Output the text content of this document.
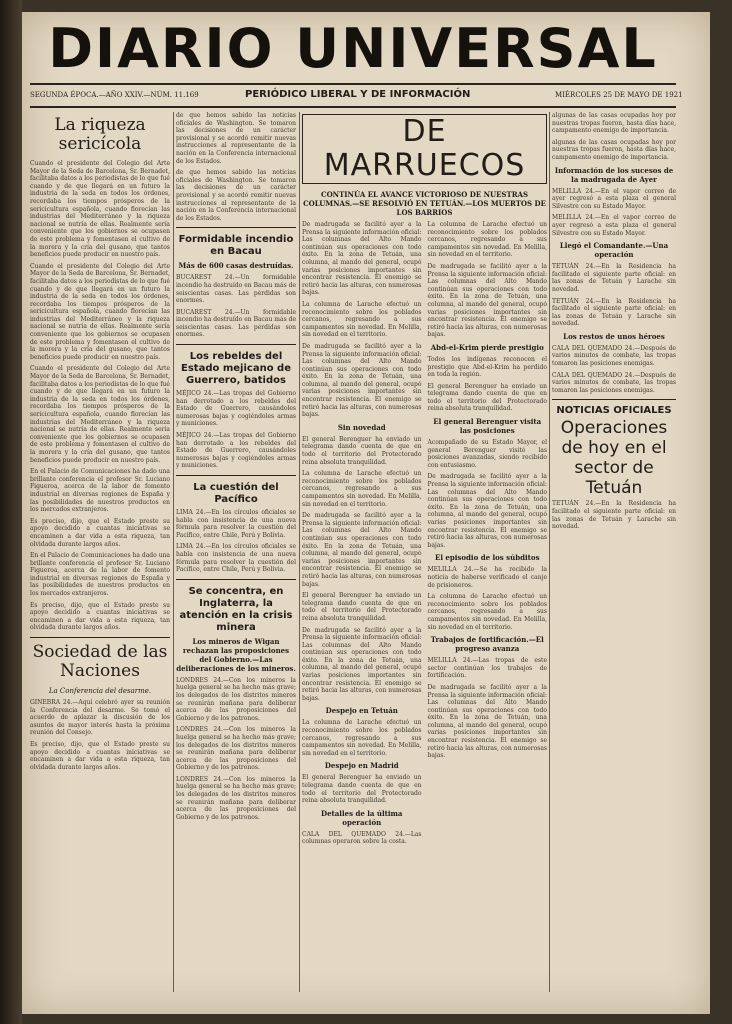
DIARIO UNIVERSAL
SEGUNDA ÉPOCA.—AÑO XXIV.—NÚM. 11.169	PERIÓDICO LIBERAL Y DE INFORMACIÓN	MIÉRCOLES 25 DE MAYO DE 1921
La riqueza sericícola

Cuando el presidente del Colegio del Arte Mayor de la Seda de Barcelona, Sr. Bernadet, facilitaba datos a los periodistas de lo que fué cuando y de que llegará en un futuro la industria de la seda en todos los órdenes, recordaba los tiempos prósperos de la sericicultura española, cuando florecían las industrias del Mediterráneo y la riqueza nacional se nutría de ellas. Realmente sería conveniente que los gobiernos se ocupasen de este problema y fomentasen el cultivo de la morera y la cría del gusano, que tantos beneficios puede producir en nuestro país.

Cuando el presidente del Colegio del Arte Mayor de la Seda de Barcelona, Sr. Bernadet, facilitaba datos a los periodistas de lo que fué cuando y de que llegará en un futuro la industria de la seda en todos los órdenes, recordaba los tiempos prósperos de la sericicultura española, cuando florecían las industrias del Mediterráneo y la riqueza nacional se nutría de ellas. Realmente sería conveniente que los gobiernos se ocupasen de este problema y fomentasen el cultivo de la morera y la cría del gusano, que tantos beneficios puede producir en nuestro país.

Cuando el presidente del Colegio del Arte Mayor de la Seda de Barcelona, Sr. Bernadet, facilitaba datos a los periodistas de lo que fué cuando y de que llegará en un futuro la industria de la seda en todos los órdenes, recordaba los tiempos prósperos de la sericicultura española, cuando florecían las industrias del Mediterráneo y la riqueza nacional se nutría de ellas. Realmente sería conveniente que los gobiernos se ocupasen de este problema y fomentasen el cultivo de la morera y la cría del gusano, que tantos beneficios puede producir en nuestro país.

En el Palacio de Comunicaciones ha dado una brillante conferencia el profesor Sr. Luciano Figueroa, acerca de la labor de fomento industrial en diversas regiones de España y las posibilidades de nuestros productos en los mercados extranjeros.

Es preciso, dijo, que el Estado preste su apoyo decidido a cuantas iniciativas se encaminen a dar vida a esta riqueza, tan olvidada durante largos años.

En el Palacio de Comunicaciones ha dado una brillante conferencia el profesor Sr. Luciano Figueroa, acerca de la labor de fomento industrial en diversas regiones de España y las posibilidades de nuestros productos en los mercados extranjeros.

Es preciso, dijo, que el Estado preste su apoyo decidido a cuantas iniciativas se encaminen a dar vida a esta riqueza, tan olvidada durante largos años.

Sociedad de las Naciones
La Conferencia del desarme.

GINEBRA 24.—Aquí celebró ayer su reunión la Conferencia del desarme. Se tomó el acuerdo de aplazar la discusión de los asuntos de mayor interés hasta la próxima reunión del Consejo.

Es preciso, dijo, que el Estado preste su apoyo decidido a cuantas iniciativas se encaminen a dar vida a esta riqueza, tan olvidada durante largos años.

de que hemos sabido las noticias oficiales de Washington. Se tomaron las decisiones de un carácter provisional y se acordó remitir nuevas instrucciones al representante de la nación en la Conferencia internacional de los Estados.

de que hemos sabido las noticias oficiales de Washington. Se tomaron las decisiones de un carácter provisional y se acordó remitir nuevas instrucciones al representante de la nación en la Conferencia internacional de los Estados.

Formidable incendio en Bacau
Más de 600 casas destruídas.

BUCAREST 24.—Un formidable incendio ha destruído en Bacau más de seiscientas casas. Las pérdidas son enormes.

BUCAREST 24.—Un formidable incendio ha destruído en Bacau más de seiscientas casas. Las pérdidas son enormes.

Los rebeldes del Estado mejicano de Guerrero, batidos

MÉJICO 24.—Las tropas del Gobierno han derrotado a los rebeldes del Estado de Guerrero, causándoles numerosas bajas y cogiéndoles armas y municiones.

MÉJICO 24.—Las tropas del Gobierno han derrotado a los rebeldes del Estado de Guerrero, causándoles numerosas bajas y cogiéndoles armas y municiones.

La cuestión del Pacífico

LIMA 24.—En los círculos oficiales se habla con insistencia de una nueva fórmula para resolver la cuestión del Pacífico, entre Chile, Perú y Bolivia.

LIMA 24.—En los círculos oficiales se habla con insistencia de una nueva fórmula para resolver la cuestión del Pacífico, entre Chile, Perú y Bolivia.

Se concentra, en Inglaterra, la atención en la crisis minera
Los mineros de Wigan rechazan las proposiciones del Gobierno.—Las deliberaciones de los mineros.

LONDRES 24.—Con los mineros la huelga general se ha hecho más grave; los delegados de los distritos mineros se reunirán mañana para deliberar acerca de las proposiciones del Gobierno y de los patronos.

LONDRES 24.—Con los mineros la huelga general se ha hecho más grave; los delegados de los distritos mineros se reunirán mañana para deliberar acerca de las proposiciones del Gobierno y de los patronos.

LONDRES 24.—Con los mineros la huelga general se ha hecho más grave; los delegados de los distritos mineros se reunirán mañana para deliberar acerca de las proposiciones del Gobierno y de los patronos.

DE MARRUECOS
CONTINÚA EL AVANCE VICTORIOSO DE NUESTRAS COLUMNAS.—SE RESOLVIÓ EN TETUÁN.—LOS MUERTOS DE LOS BARRIOS

De madrugada se facilitó ayer a la Prensa la siguiente información oficial: Las columnas del Alto Mando continúan sus operaciones con todo éxito. En la zona de Tetuán, una columna, al mando del general, ocupó varias posiciones importantes sin encontrar resistencia. El enemigo se retiró hacia las alturas, con numerosas bajas.

La columna de Larache efectuó un reconocimiento sobre los poblados cercanos, regresando a sus campamentos sin novedad. En Melilla, sin novedad en el territorio.

De madrugada se facilitó ayer a la Prensa la siguiente información oficial: Las columnas del Alto Mando continúan sus operaciones con todo éxito. En la zona de Tetuán, una columna, al mando del general, ocupó varias posiciones importantes sin encontrar resistencia. El enemigo se retiró hacia las alturas, con numerosas bajas.

Sin novedad

El general Berenguer ha enviado un telegrama dando cuenta de que en todo el territorio del Protectorado reina absoluta tranquilidad.

La columna de Larache efectuó un reconocimiento sobre los poblados cercanos, regresando a sus campamentos sin novedad. En Melilla, sin novedad en el territorio.

De madrugada se facilitó ayer a la Prensa la siguiente información oficial: Las columnas del Alto Mando continúan sus operaciones con todo éxito. En la zona de Tetuán, una columna, al mando del general, ocupó varias posiciones importantes sin encontrar resistencia. El enemigo se retiró hacia las alturas, con numerosas bajas.

El general Berenguer ha enviado un telegrama dando cuenta de que en todo el territorio del Protectorado reina absoluta tranquilidad.

De madrugada se facilitó ayer a la Prensa la siguiente información oficial: Las columnas del Alto Mando continúan sus operaciones con todo éxito. En la zona de Tetuán, una columna, al mando del general, ocupó varias posiciones importantes sin encontrar resistencia. El enemigo se retiró hacia las alturas, con numerosas bajas.

Despejo en Tetuán

La columna de Larache efectuó un reconocimiento sobre los poblados cercanos, regresando a sus campamentos sin novedad. En Melilla, sin novedad en el territorio.

Despejo en Madrid

El general Berenguer ha enviado un telegrama dando cuenta de que en todo el territorio del Protectorado reina absoluta tranquilidad.

Detalles de la última operación

CALA DEL QUEMADO 24.—Las columnas operaron sobre la costa.

La columna de Larache efectuó un reconocimiento sobre los poblados cercanos, regresando a sus campamentos sin novedad. En Melilla, sin novedad en el territorio.

De madrugada se facilitó ayer a la Prensa la siguiente información oficial: Las columnas del Alto Mando continúan sus operaciones con todo éxito. En la zona de Tetuán, una columna, al mando del general, ocupó varias posiciones importantes sin encontrar resistencia. El enemigo se retiró hacia las alturas, con numerosas bajas.

Abd-el-Krim pierde prestigio

Todos los indígenas reconocen el prestigio que Abd-el-Krim ha perdido en toda la región.

El general Berenguer ha enviado un telegrama dando cuenta de que en todo el territorio del Protectorado reina absoluta tranquilidad.

El general Berenguer visita las posiciones

Acompañado de su Estado Mayor, el general Berenguer visitó las posiciones avanzadas, siendo recibido con entusiasmo.

De madrugada se facilitó ayer a la Prensa la siguiente información oficial: Las columnas del Alto Mando continúan sus operaciones con todo éxito. En la zona de Tetuán, una columna, al mando del general, ocupó varias posiciones importantes sin encontrar resistencia. El enemigo se retiró hacia las alturas, con numerosas bajas.

El episodio de los súbditos

MELILLA 24.—Se ha recibido la noticia de haberse verificado el canje de prisioneros.

La columna de Larache efectuó un reconocimiento sobre los poblados cercanos, regresando a sus campamentos sin novedad. En Melilla, sin novedad en el territorio.

Trabajos de fortificación.—El progreso avanza

MELILLA 24.—Las tropas de este sector continúan los trabajos de fortificación.

De madrugada se facilitó ayer a la Prensa la siguiente información oficial: Las columnas del Alto Mando continúan sus operaciones con todo éxito. En la zona de Tetuán, una columna, al mando del general, ocupó varias posiciones importantes sin encontrar resistencia. El enemigo se retiró hacia las alturas, con numerosas bajas.

algunas de las casas ocupadas hoy por nuestras tropas fueron, hasta días hace, campamento enemigo de importancia.

algunas de las casas ocupadas hoy por nuestras tropas fueron, hasta días hace, campamento enemigo de importancia.

Información de los sucesos de la madrugada de Ayer

MELILLA 24.—En el vapor correo de ayer regresó a esta plaza el general Silvestre con su Estado Mayor.

MELILLA 24.—En el vapor correo de ayer regresó a esta plaza el general Silvestre con su Estado Mayor.

Llegó el Comandante.—Una operación

TETUÁN 24.—En la Residencia ha facilitado el siguiente parte oficial: en las zonas de Tetuán y Larache sin novedad.

TETUÁN 24.—En la Residencia ha facilitado el siguiente parte oficial: en las zonas de Tetuán y Larache sin novedad.

Los restos de unos héroes

CALA DEL QUEMADO 24.—Después de varios minutos de combate, las tropas tomaron las posiciones enemigas.

CALA DEL QUEMADO 24.—Después de varios minutos de combate, las tropas tomaron las posiciones enemigas.

NOTICIAS OFICIALES
Operaciones de hoy en el sector de Tetuán

TETUÁN 24.—En la Residencia ha facilitado el siguiente parte oficial: en las zonas de Tetuán y Larache sin novedad.
